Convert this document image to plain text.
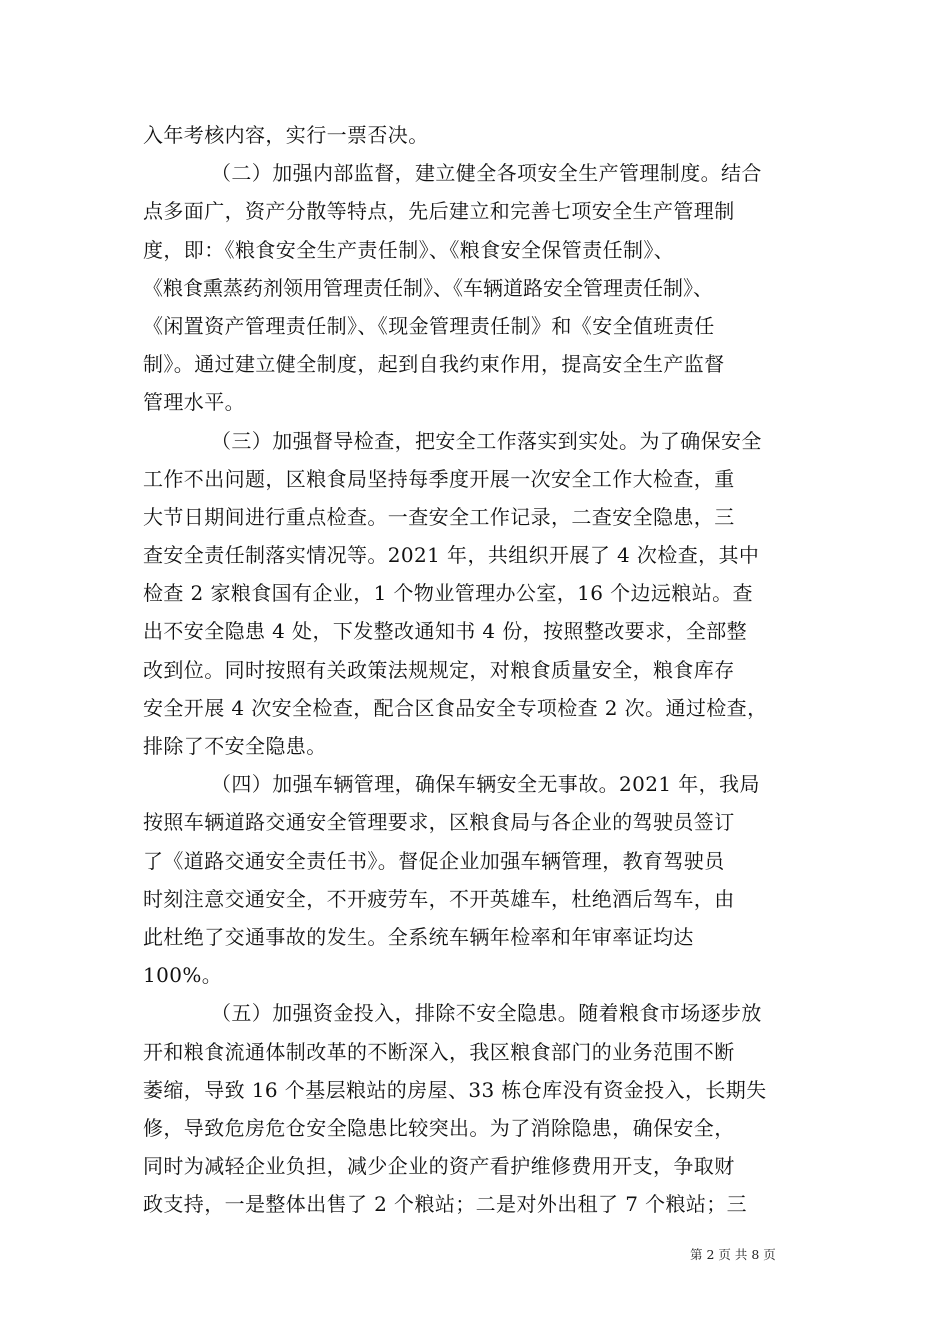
入年考核内容，实行一票否决。
（二）加强内部监督，建立健全各项安全生产管理制度。结合
点多面广，资产分散等特点，先后建立和完善七项安全生产管理制
度，即：《粮食安全生产责任制》、《粮食安全保管责任制》、
《粮食熏蒸药剂领用管理责任制》、《车辆道路安全管理责任制》、
《闲置资产管理责任制》、《现金管理责任制》和《安全值班责任
制》。通过建立健全制度，起到自我约束作用，提高安全生产监督
管理水平。
（三）加强督导检查，把安全工作落实到实处。为了确保安全
工作不出问题，区粮食局坚持每季度开展一次安全工作大检查，重
大节日期间进行重点检查。一查安全工作记录，二查安全隐患，三
查安全责任制落实情况等。2021 年，共组织开展了 4 次检查，其中
检查 2 家粮食国有企业，1 个物业管理办公室，16 个边远粮站。查
出不安全隐患 4 处，下发整改通知书 4 份，按照整改要求，全部整
改到位。同时按照有关政策法规规定，对粮食质量安全，粮食库存
安全开展 4 次安全检查，配合区食品安全专项检查 2 次。通过检查，
排除了不安全隐患。
（四）加强车辆管理，确保车辆安全无事故。2021 年，我局
按照车辆道路交通安全管理要求，区粮食局与各企业的驾驶员签订
了《道路交通安全责任书》。督促企业加强车辆管理，教育驾驶员
时刻注意交通安全，不开疲劳车，不开英雄车，杜绝酒后驾车，由
此杜绝了交通事故的发生。全系统车辆年检率和年审率证均达
100%。
（五）加强资金投入，排除不安全隐患。随着粮食市场逐步放
开和粮食流通体制改革的不断深入，我区粮食部门的业务范围不断
萎缩，导致 16 个基层粮站的房屋、33 栋仓库没有资金投入，长期失
修，导致危房危仓安全隐患比较突出。为了消除隐患，确保安全，
同时为减轻企业负担，减少企业的资产看护维修费用开支，争取财
政支持，一是整体出售了 2 个粮站；二是对外出租了 7 个粮站；三
第 2 页 共 8 页
